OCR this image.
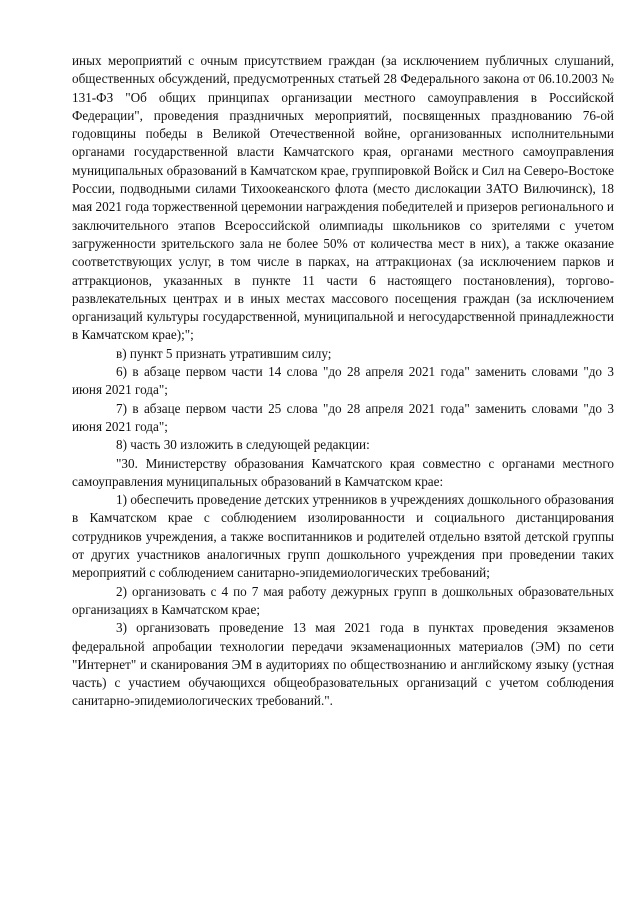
иных мероприятий с очным присутствием граждан (за исключением публичных слушаний, общественных обсуждений, предусмотренных статьей 28 Федерального закона от 06.10.2003 № 131-ФЗ "Об общих принципах организации местного самоуправления в Российской Федерации", проведения праздничных мероприятий, посвященных празднованию 76-ой годовщины победы в Великой Отечественной войне, организованных исполнительными органами государственной власти Камчатского края, органами местного самоуправления муниципальных образований в Камчатском крае, группировкой Войск и Сил на Северо-Востоке России, подводными силами Тихоокеанского флота (место дислокации ЗАТО Вилючинск), 18 мая 2021 года торжественной церемонии награждения победителей и призеров регионального и заключительного этапов Всероссийской олимпиады школьников со зрителями с учетом загруженности зрительского зала не более 50% от количества мест в них), а также оказание соответствующих услуг, в том числе в парках, на аттракционах (за исключением парков и аттракционов, указанных в пункте 11 части 6 настоящего постановления), торгово-развлекательных центрах и в иных местах массового посещения граждан (за исключением организаций культуры государственной, муниципальной и негосударственной принадлежности в Камчатском крае);";

в) пункт 5 признать утратившим силу;

6) в абзаце первом части 14 слова "до 28 апреля 2021 года" заменить словами "до 3 июня 2021 года";

7) в абзаце первом части 25 слова "до 28 апреля 2021 года" заменить словами "до 3 июня 2021 года";

8) часть 30 изложить в следующей редакции:

"30. Министерству образования Камчатского края совместно с органами местного самоуправления муниципальных образований в Камчатском крае:

1) обеспечить проведение детских утренников в учреждениях дошкольного образования в Камчатском крае с соблюдением изолированности и социального дистанцирования сотрудников учреждения, а также воспитанников и родителей отдельно взятой детской группы от других участников аналогичных групп дошкольного учреждения при проведении таких мероприятий с соблюдением санитарно-эпидемиологических требований;

2) организовать с 4 по 7 мая работу дежурных групп в дошкольных образовательных организациях в Камчатском крае;

3) организовать проведение 13 мая 2021 года в пунктах проведения экзаменов федеральной апробации технологии передачи экзаменационных материалов (ЭМ) по сети "Интернет" и сканирования ЭМ в аудиториях по обществознанию и английскому языку (устная часть) с участием обучающихся общеобразовательных организаций с учетом соблюдения санитарно-эпидемиологических требований.".
